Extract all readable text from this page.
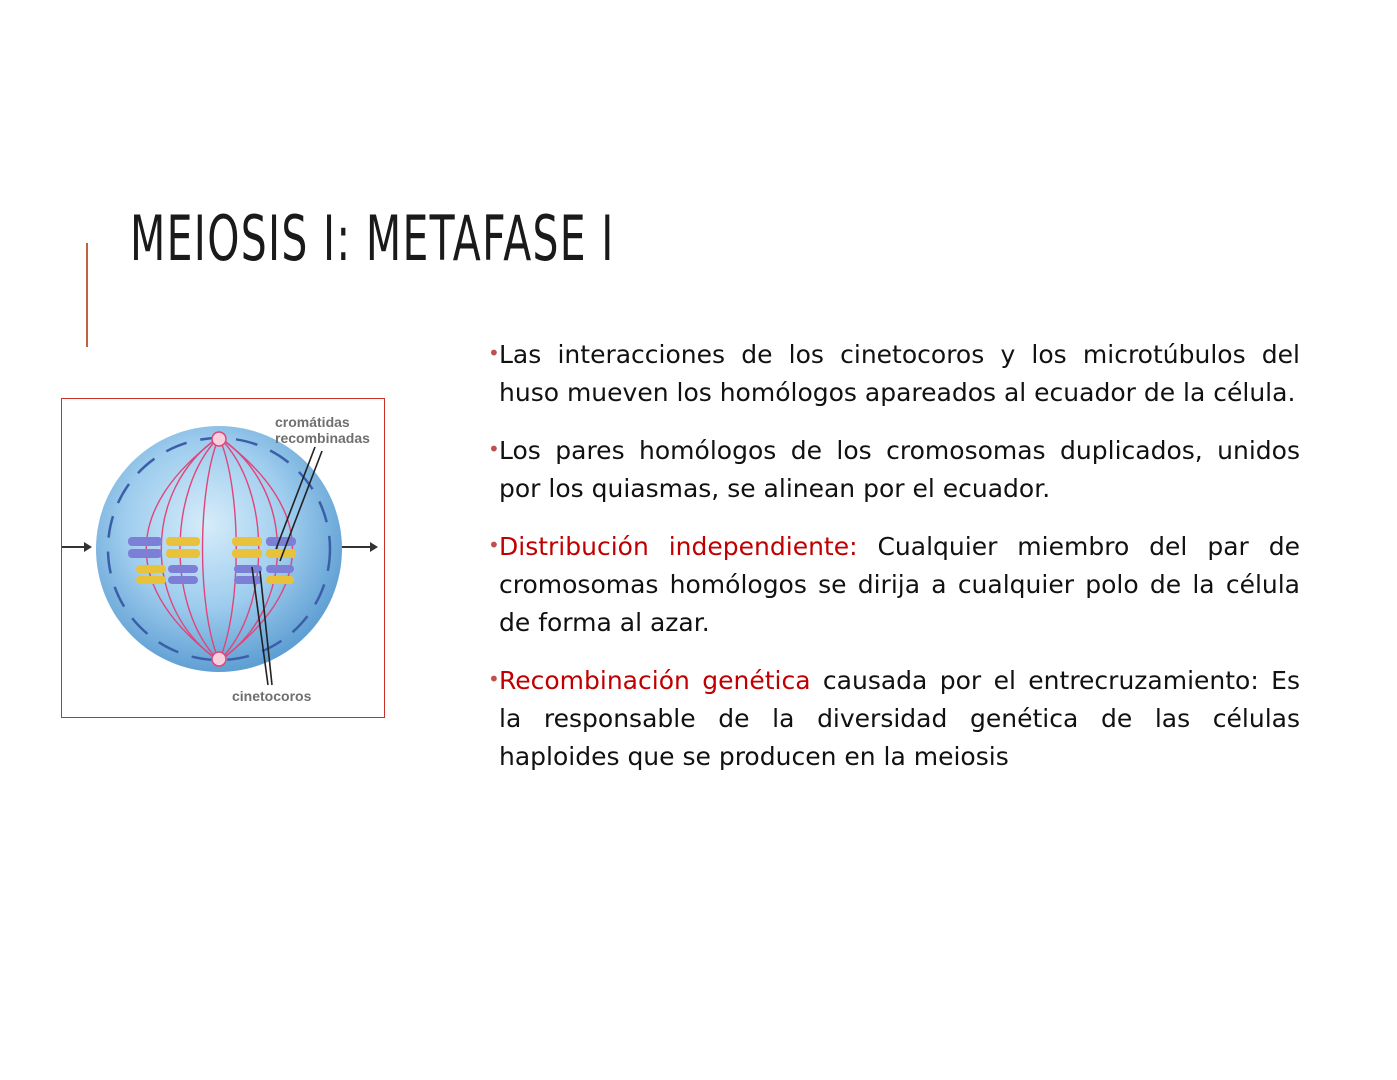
MEIOSIS I: METAFASE I
cromátidas
recombinadas
cinetocoros

• Las interacciones de los cinetocoros y los microtúbulos del huso mueven los homólogos apareados al ecuador de la célula.

• Los pares homólogos de los cromosomas duplicados, unidos por los quiasmas, se alinean por el ecuador.

• Distribución independiente: Cualquier miembro del par de cromosomas homólogos se dirija a cualquier polo de la célula de forma al azar.

• Recombinación genética causada por el entrecruzamiento: Es la responsable de la diversidad genética de las células haploides que se producen en la meiosis
